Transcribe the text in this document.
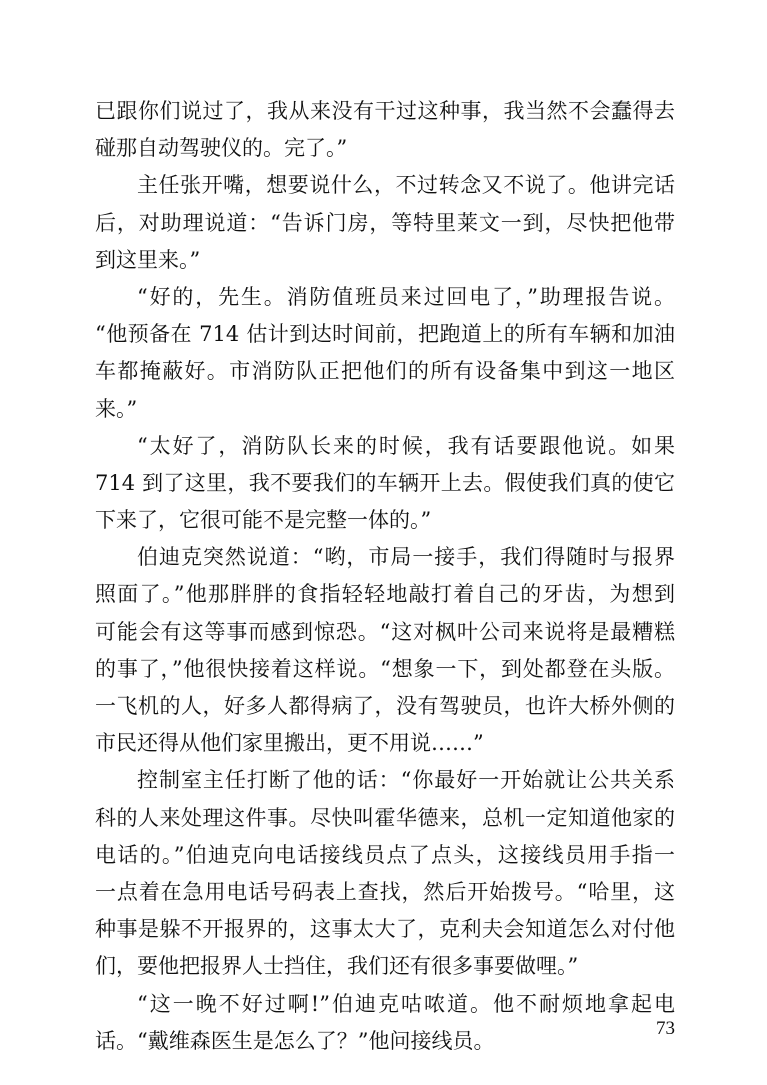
已跟你们说过了，我从来没有干过这种事，我当然不会蠢得去
碰那自动驾驶仪的。完了。”
主任张开嘴，想要说什么，不过转念又不说了。他讲完话
后，对助理说道：“告诉门房，等特里莱文一到，尽快把他带
到这里来。”
“好的，先生。消防值班员来过回电了，”助理报告说。
“他预备在 714 估计到达时间前，把跑道上的所有车辆和加油
车都掩蔽好。市消防队正把他们的所有设备集中到这一地区
来。”
“太好了，消防队长来的时候，我有话要跟他说。如果
714 到了这里，我不要我们的车辆开上去。假使我们真的使它
下来了，它很可能不是完整一体的。”
伯迪克突然说道：“哟，市局一接手，我们得随时与报界
照面了。”他那胖胖的食指轻轻地敲打着自己的牙齿，为想到
可能会有这等事而感到惊恐。“这对枫叶公司来说将是最糟糕
的事了，”他很快接着这样说。“想象一下，到处都登在头版。
一飞机的人，好多人都得病了，没有驾驶员，也许大桥外侧的
市民还得从他们家里搬出，更不用说……”
控制室主任打断了他的话：“你最好一开始就让公共关系
科的人来处理这件事。尽快叫霍华德来，总机一定知道他家的
电话的。”伯迪克向电话接线员点了点头，这接线员用手指一
一点着在急用电话号码表上查找，然后开始拨号。“哈里，这
种事是躲不开报界的，这事太大了，克利夫会知道怎么对付他
们，要他把报界人士挡住，我们还有很多事要做哩。”
“这一晚不好过啊!”伯迪克咕哝道。他不耐烦地拿起电
话。“戴维森医生是怎么了？”他问接线员。
73
